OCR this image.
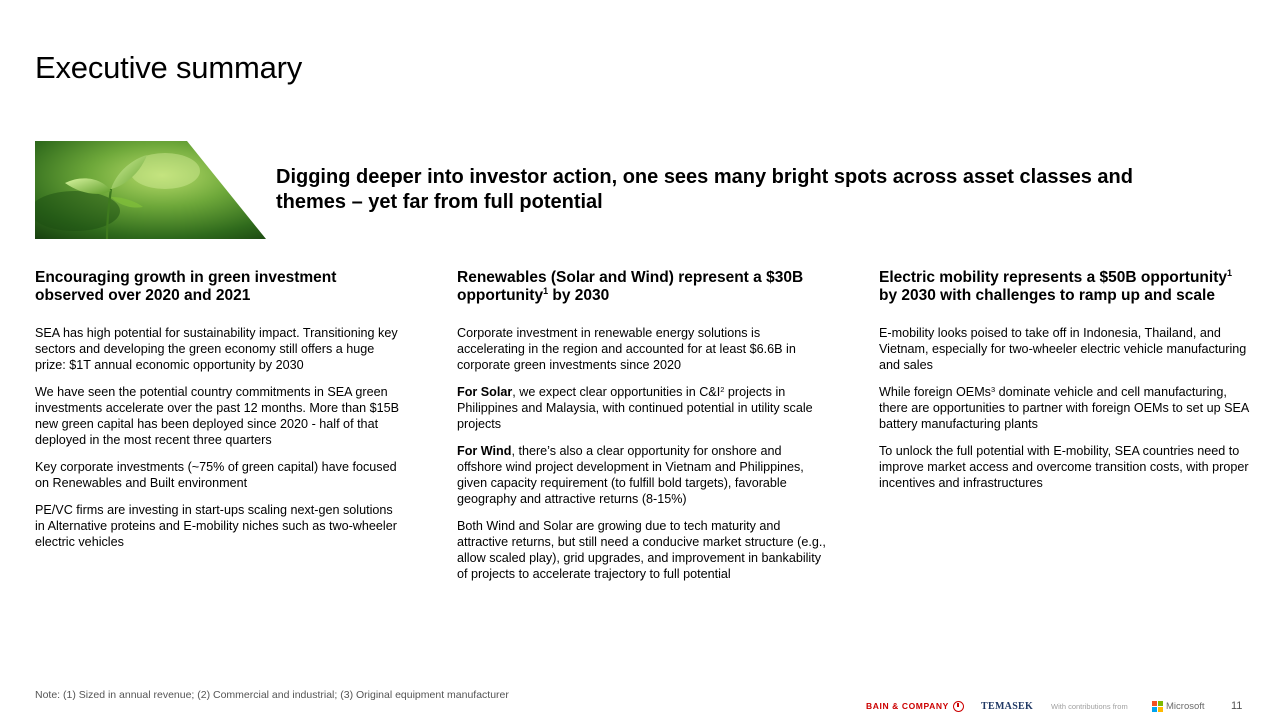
Executive summary
Digging deeper into investor action, one sees many bright spots across asset classes and themes – yet far from full potential
Encouraging growth in green investment observed over 2020 and 2021

SEA has high potential for sustainability impact. Transitioning key sectors and developing the green economy still offers a huge prize: $1T annual economic opportunity by 2030

We have seen the potential country commitments in SEA green investments accelerate over the past 12 months. More than $15B new green capital has been deployed since 2020 - half of that deployed in the most recent three quarters

Key corporate investments (~75% of green capital) have focused on Renewables and Built environment

PE/VC firms are investing in start-ups scaling next-gen solutions in Alternative proteins and E-mobility niches such as two-wheeler electric vehicles

Renewables (Solar and Wind) represent a $30B opportunity$^1$ by 2030

Corporate investment in renewable energy solutions is accelerating in the region and accounted for at least $6.6B in corporate green investments since 2020

For Solar, we expect clear opportunities in $C\&I^2$ projects in Philippines and Malaysia, with continued potential in utility scale projects

For Wind, there’s also a clear opportunity for onshore and offshore wind project development in Vietnam and Philippines, given capacity requirement (to fulfill bold targets), favorable geography and attractive returns (8-15%)

Both Wind and Solar are growing due to tech maturity and attractive returns, but still need a conducive market structure (e.g., allow scaled play), grid upgrades, and improvement in bankability of projects to accelerate trajectory to full potential

Electric mobility represents a $50B opportunity$^1$ by 2030 with challenges to ramp up and scale

E-mobility looks poised to take off in Indonesia, Thailand, and Vietnam, especially for two-wheeler electric vehicle manufacturing and sales

While foreign OEMs$^3$ dominate vehicle and cell manufacturing, there are opportunities to partner with foreign OEMs to set up SEA battery manufacturing plants

To unlock the full potential with E-mobility, SEA countries need to improve market access and overcome transition costs, with proper incentives and infrastructures

Note: (1) Sized in annual revenue; (2) Commercial and industrial; (3) Original equipment manufacturer
BAIN & COMPANY	TEMASEK With contributions from	Microsoft 11
